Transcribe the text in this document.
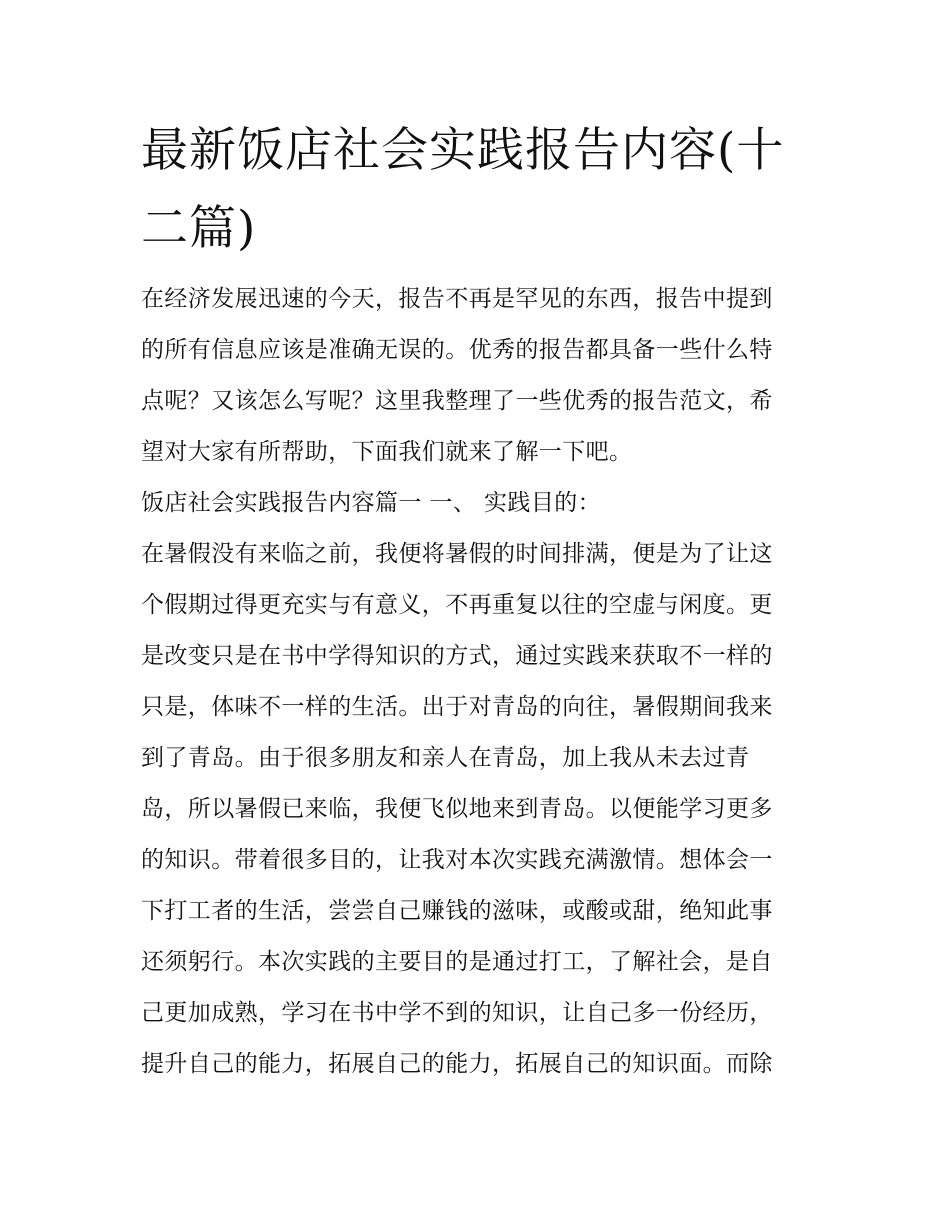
最新饭店社会实践报告内容(十
二篇)

在经济发展迅速的今天，报告不再是罕见的东西，报告中提到
的所有信息应该是准确无误的。优秀的报告都具备一些什么特
点呢？又该怎么写呢？这里我整理了一些优秀的报告范文，希
望对大家有所帮助，下面我们就来了解一下吧。

饭店社会实践报告内容篇一 一、 实践目的：

在暑假没有来临之前，我便将暑假的时间排满，便是为了让这
个假期过得更充实与有意义，不再重复以往的空虚与闲度。更
是改变只是在书中学得知识的方式，通过实践来获取不一样的
只是，体味不一样的生活。出于对青岛的向往，暑假期间我来
到了青岛。由于很多朋友和亲人在青岛，加上我从未去过青
岛，所以暑假已来临，我便飞似地来到青岛。以便能学习更多
的知识。带着很多目的，让我对本次实践充满激情。想体会一
下打工者的生活，尝尝自己赚钱的滋味，或酸或甜，绝知此事
还须躬行。本次实践的主要目的是通过打工，了解社会，是自
己更加成熟，学习在书中学不到的知识，让自己多一份经历，
提升自己的能力，拓展自己的能力，拓展自己的知识面。而除
